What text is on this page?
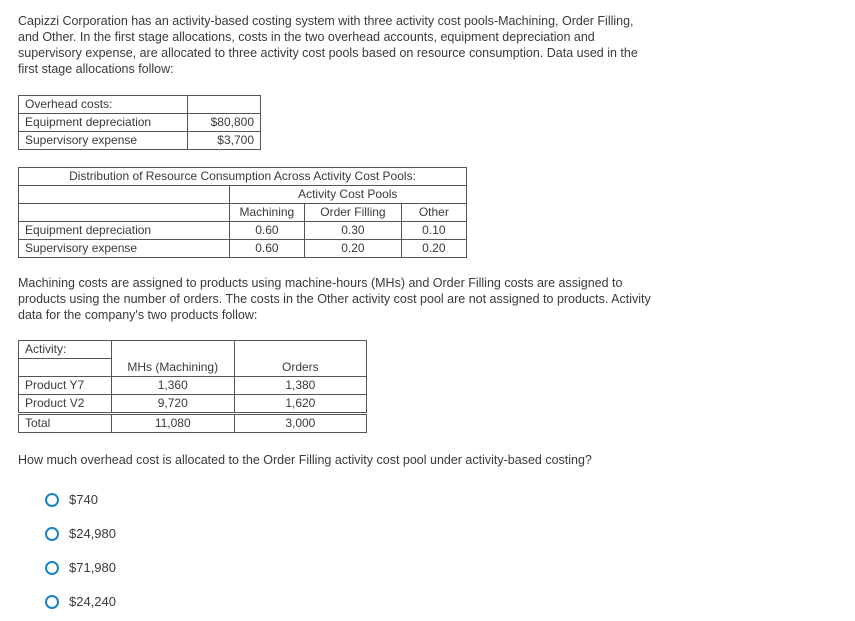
Capizzi Corporation has an activity-based costing system with three activity cost pools-Machining, Order Filling, and Other. In the first stage allocations, costs in the two overhead accounts, equipment depreciation and supervisory expense, are allocated to three activity cost pools based on resource consumption. Data used in the first stage allocations follow:

Overhead costs:	
Equipment depreciation	$80,800
Supervisory expense	$3,700
Distribution of Resource Consumption Across Activity Cost Pools:			
	Activity Cost Pools		
	Machining	Order Filling	Other
Equipment depreciation	0.60	0.30	0.10
Supervisory expense	0.60	0.20	0.20

Machining costs are assigned to products using machine-hours (MHs) and Order Filling costs are assigned to products using the number of orders. The costs in the Other activity cost pool are not assigned to products. Activity data for the company's two products follow:

Activity:		
	MHs (Machining)	Orders
Product Y7	1,360	1,380
Product V2	9,720	1,620
Total	11,080	3,000

How much overhead cost is allocated to the Order Filling activity cost pool under activity-based costing?

$740
$24,980
$71,980
$24,240
